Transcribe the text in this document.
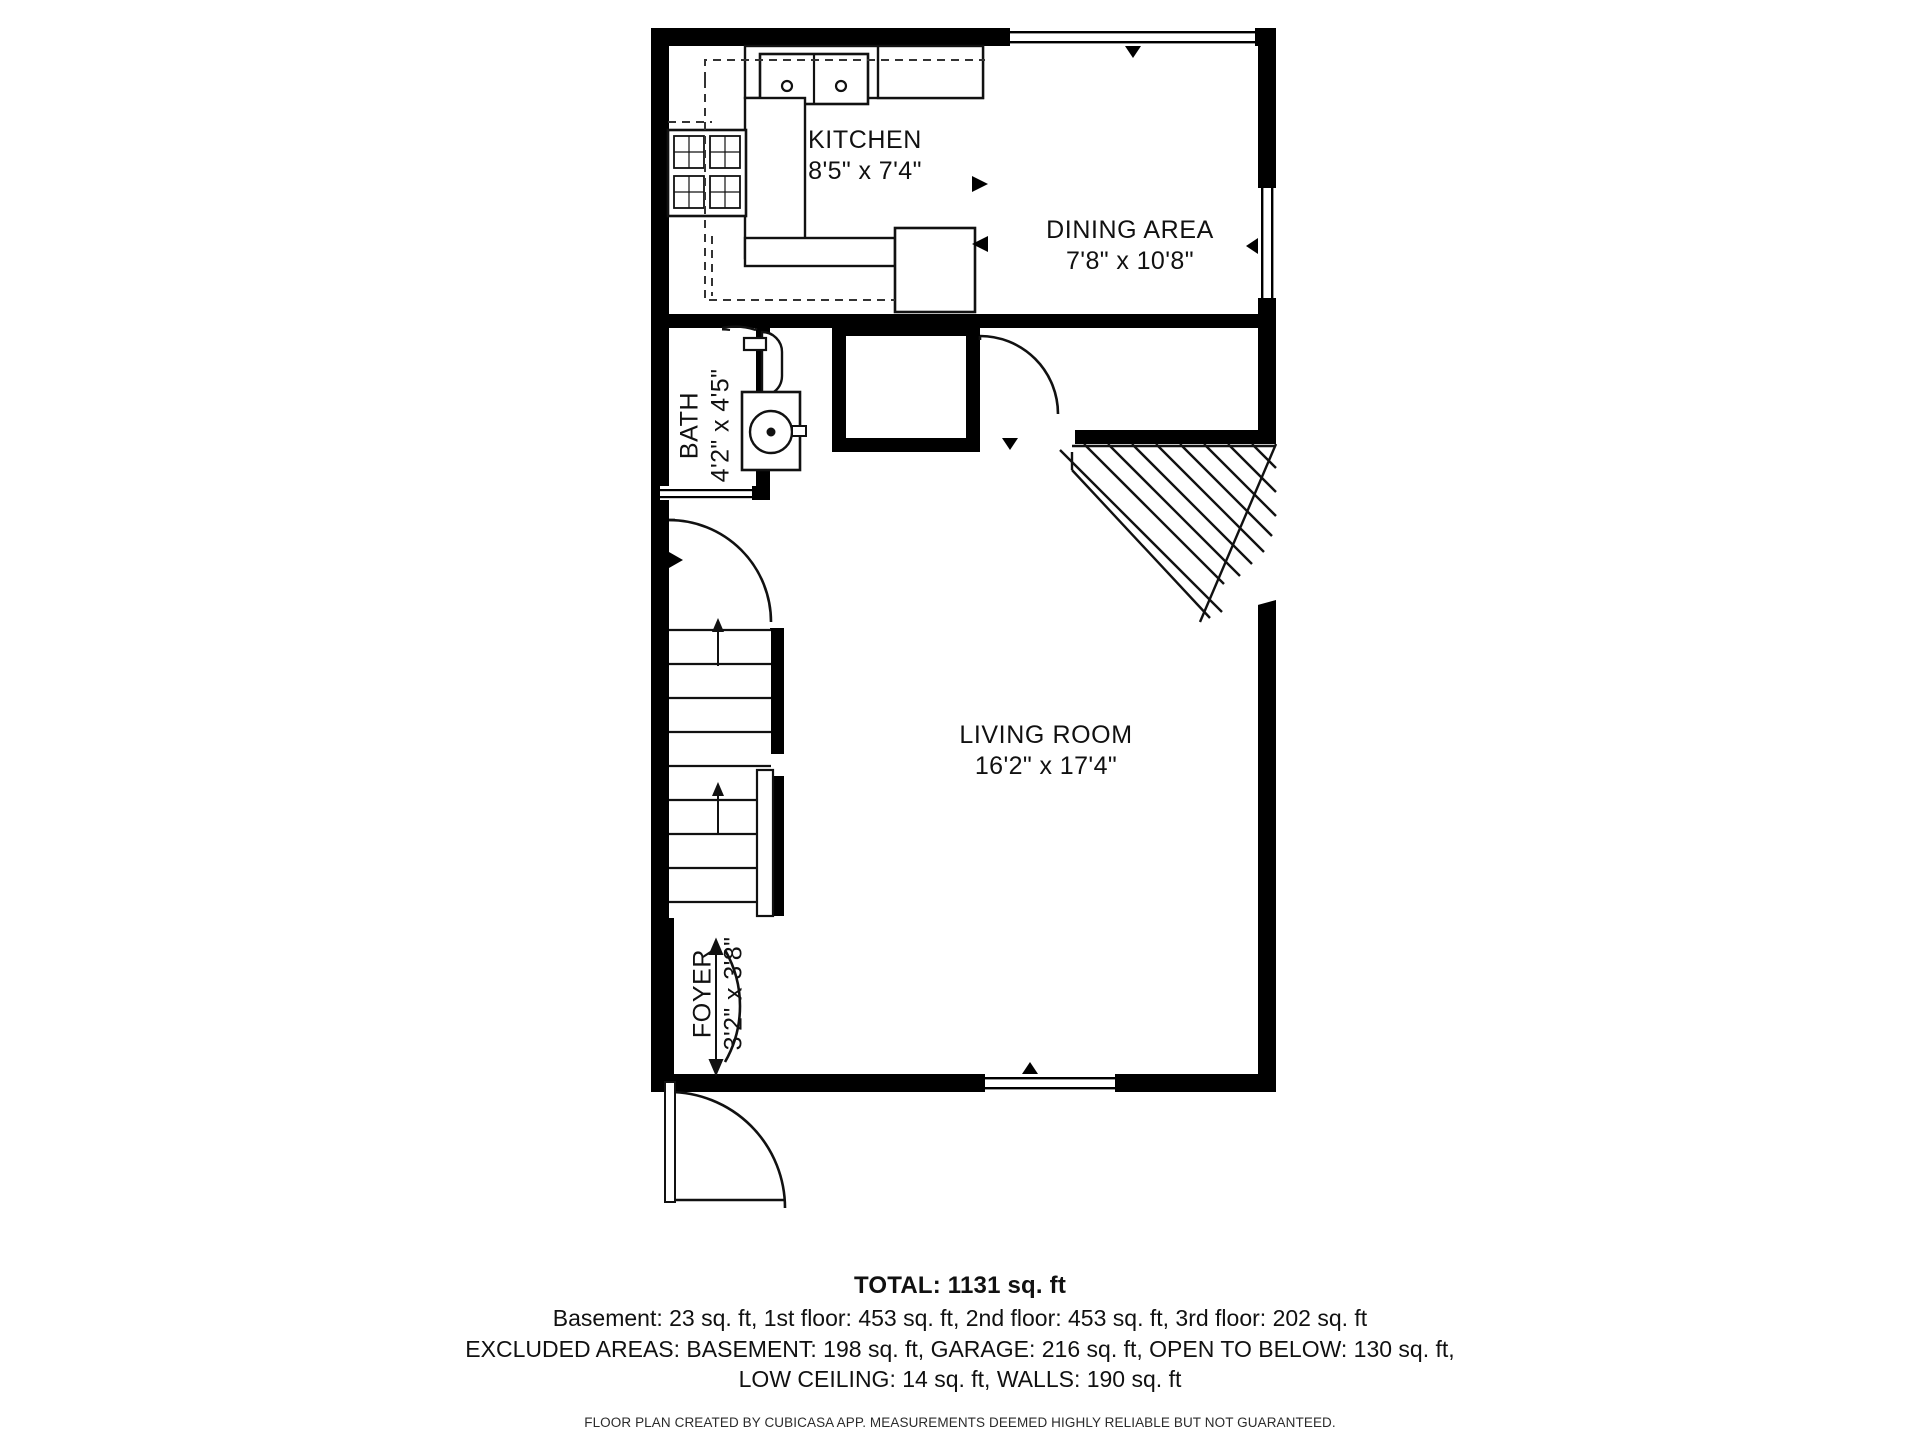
KITCHEN
8'5" x 7'4"
DINING AREA
7'8" x 10'8"
BATH 4'2" x 4'5"
LIVING ROOM
16'2" x 17'4"
FOYER 3'2" x 3'8"
TOTAL: 1131 sq. ft
Basement: 23 sq. ft, 1st floor: 453 sq. ft, 2nd floor: 453 sq. ft, 3rd floor: 202 sq. ft
EXCLUDED AREAS: BASEMENT: 198 sq. ft, GARAGE: 216 sq. ft, OPEN TO BELOW: 130 sq. ft,
LOW CEILING: 14 sq. ft, WALLS: 190 sq. ft
FLOOR PLAN CREATED BY CUBICASA APP. MEASUREMENTS DEEMED HIGHLY RELIABLE BUT NOT GUARANTEED.
